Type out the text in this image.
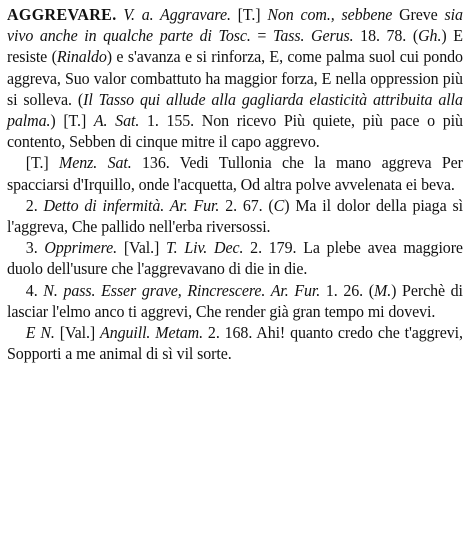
AGGREVARE. V. a. Aggravare. [T.] Non com., sebbene Greve sia vivo anche in qualche parte di Tosc. = Tass. Gerus. 18. 78. (Gh.) E resiste (Rinaldo) e s'avanza e si rinforza, E, come palma suol cui pondo aggreva, Suo valor combattuto ha maggior forza, E nella oppression più si solleva. (Il Tasso qui allude alla gagliarda elasticità attribuita alla palma.) [T.] A. Sat. 1. 155. Non ricevo Più quiete, più pace o più contento, Sebben di cinque mitre il capo aggrevo.

[T.] Menz. Sat. 136. Vedi Tullonia che la mano aggreva Per spacciarsi d'Irquillo, onde l'acquetta, Od altra polve avvelenata ei beva.

2. Detto di infermità. Ar. Fur. 2. 67. (C) Ma il dolor della piaga sì l'aggreva, Che pallido nell'erba riversossi.

3. Opprimere. [Val.] T. Liv. Dec. 2. 179. La plebe avea maggiore duolo dell'usure che l'aggrevavano di die in die.

4. N. pass. Esser grave, Rincrescere. Ar. Fur. 1. 26. (M.) Perchè di lasciar l'elmo anco ti aggrevi, Che render già gran tempo mi dovevi.

E N. [Val.] Anguill. Metam. 2. 168. Ahi! quanto credo che t'aggrevi, Sopporti a me animal di sì vil sorte.
